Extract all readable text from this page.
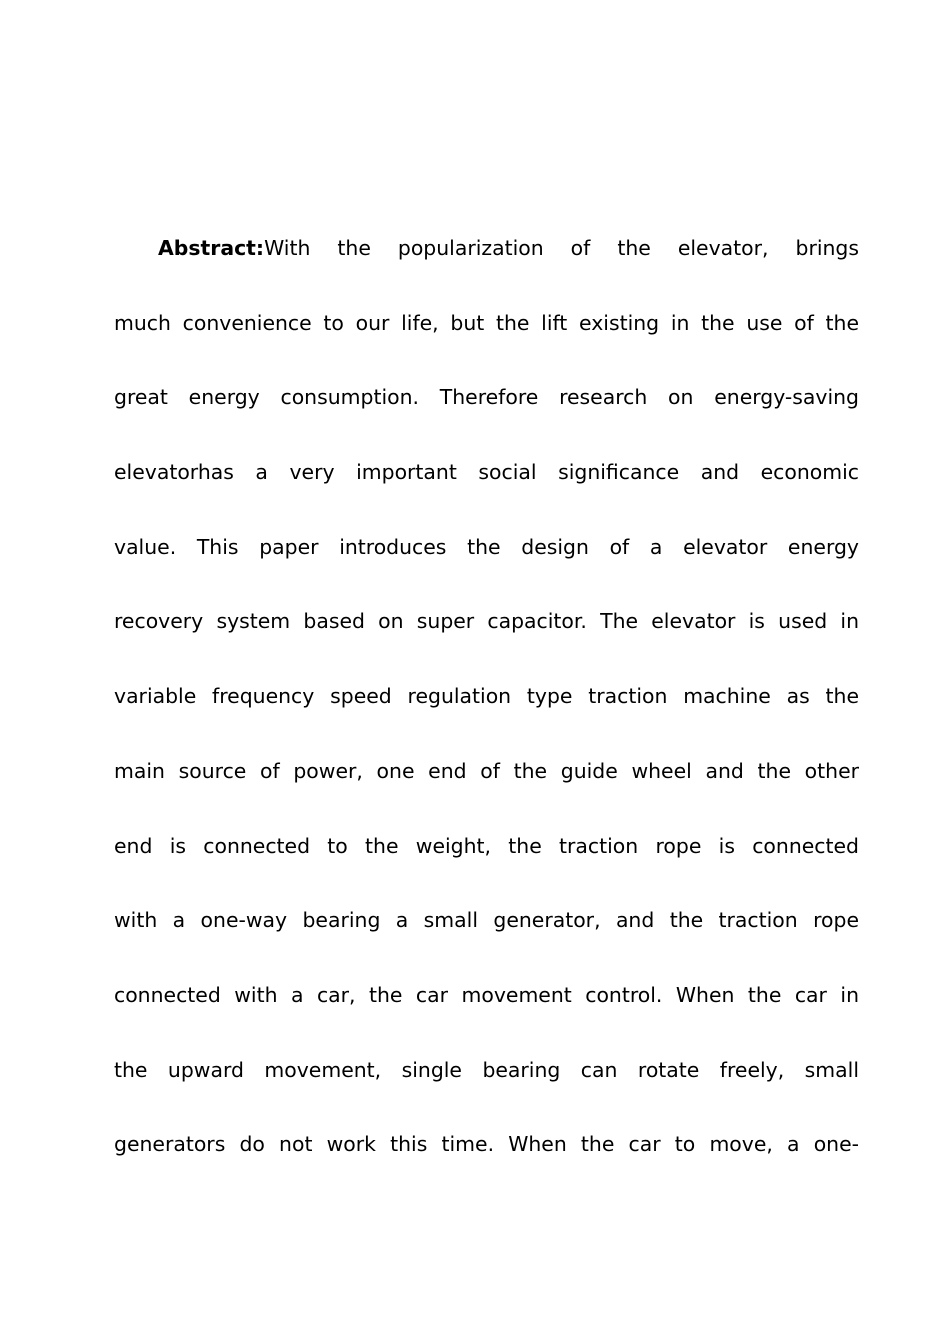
Abstract:With the popularization of the elevator, brings
much convenience to our life, but the lift existing in the use of the
great energy consumption. Therefore research on energy-saving
elevatorhas a very important social significance and economic
value. This paper introduces the design of a elevator energy
recovery system based on super capacitor. The elevator is used in
variable frequency speed regulation type traction machine as the
main source of power, one end of the guide wheel and the other
end is connected to the weight, the traction rope is connected
with a one-way bearing a small generator, and the traction rope
connected with a car, the car movement control. When the car in
the upward movement, single bearing can rotate freely, small
generators do not work this time. When the car to move, a one-
